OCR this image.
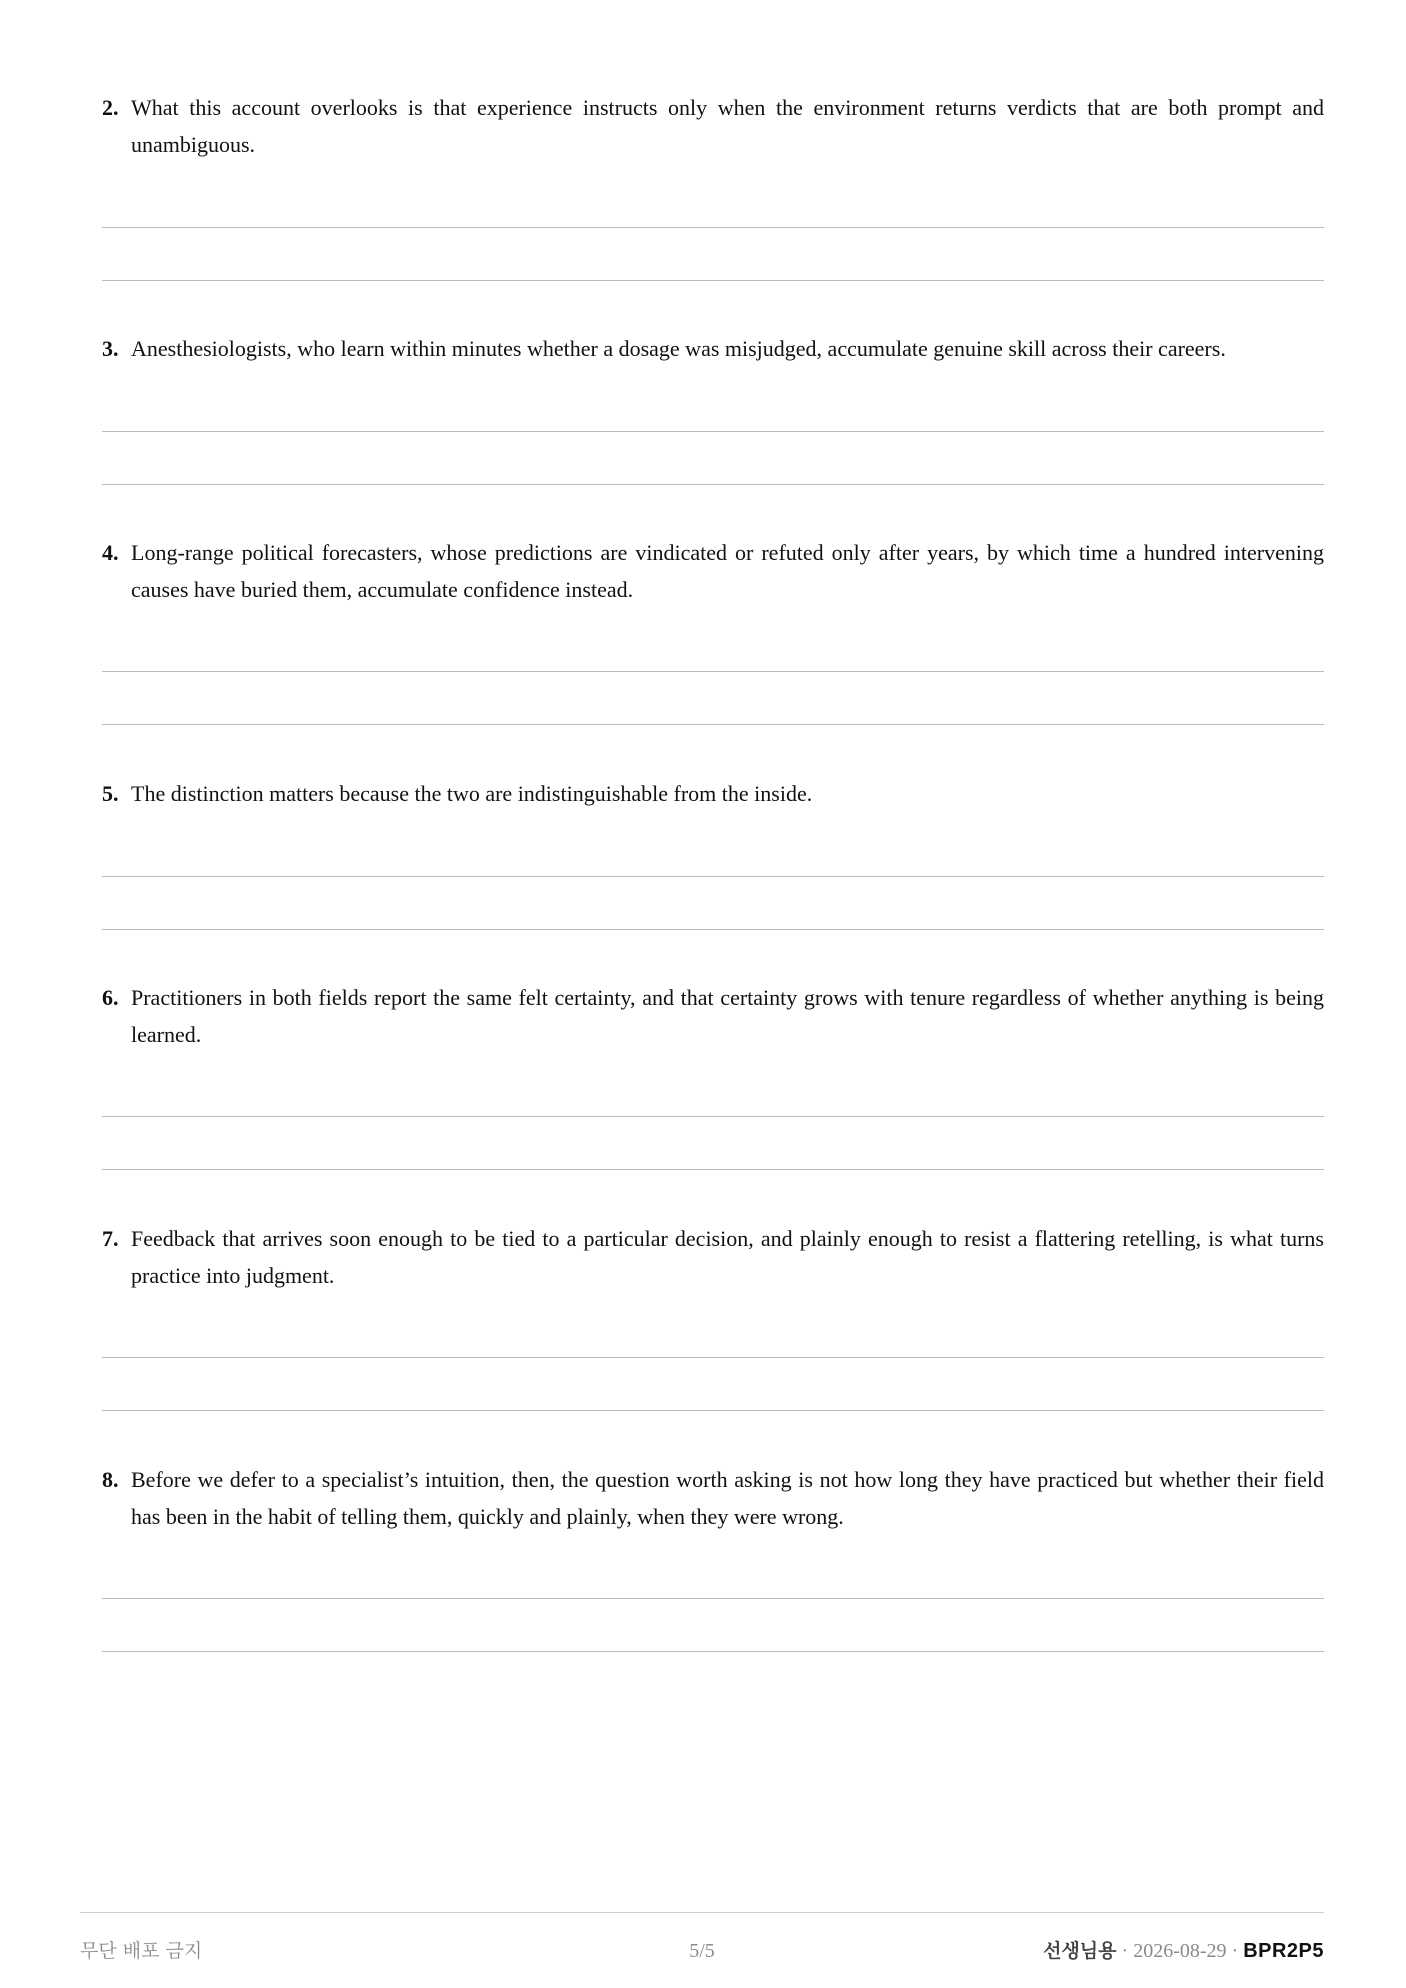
2. What this account overlooks is that experience instructs only when the environment returns verdicts that are both prompt and unambiguous.
3. Anesthesiologists, who learn within minutes whether a dosage was misjudged, accumulate genuine skill across their careers.
4. Long-range political forecasters, whose predictions are vindicated or refuted only after years, by which time a hundred intervening causes have buried them, accumulate confidence instead.
5. The distinction matters because the two are indistinguishable from the inside.
6. Practitioners in both fields report the same felt certainty, and that certainty grows with tenure regardless of whether anything is being learned.
7. Feedback that arrives soon enough to be tied to a particular decision, and plainly enough to resist a flattering retelling, is what turns practice into judgment.
8. Before we defer to a specialist’s intuition, then, the question worth asking is not how long they have practiced but whether their field has been in the habit of telling them, quickly and plainly, when they were wrong.
무단 배포 금지	5/5	선생님용 · 2026-08-29 · BPR2P5
